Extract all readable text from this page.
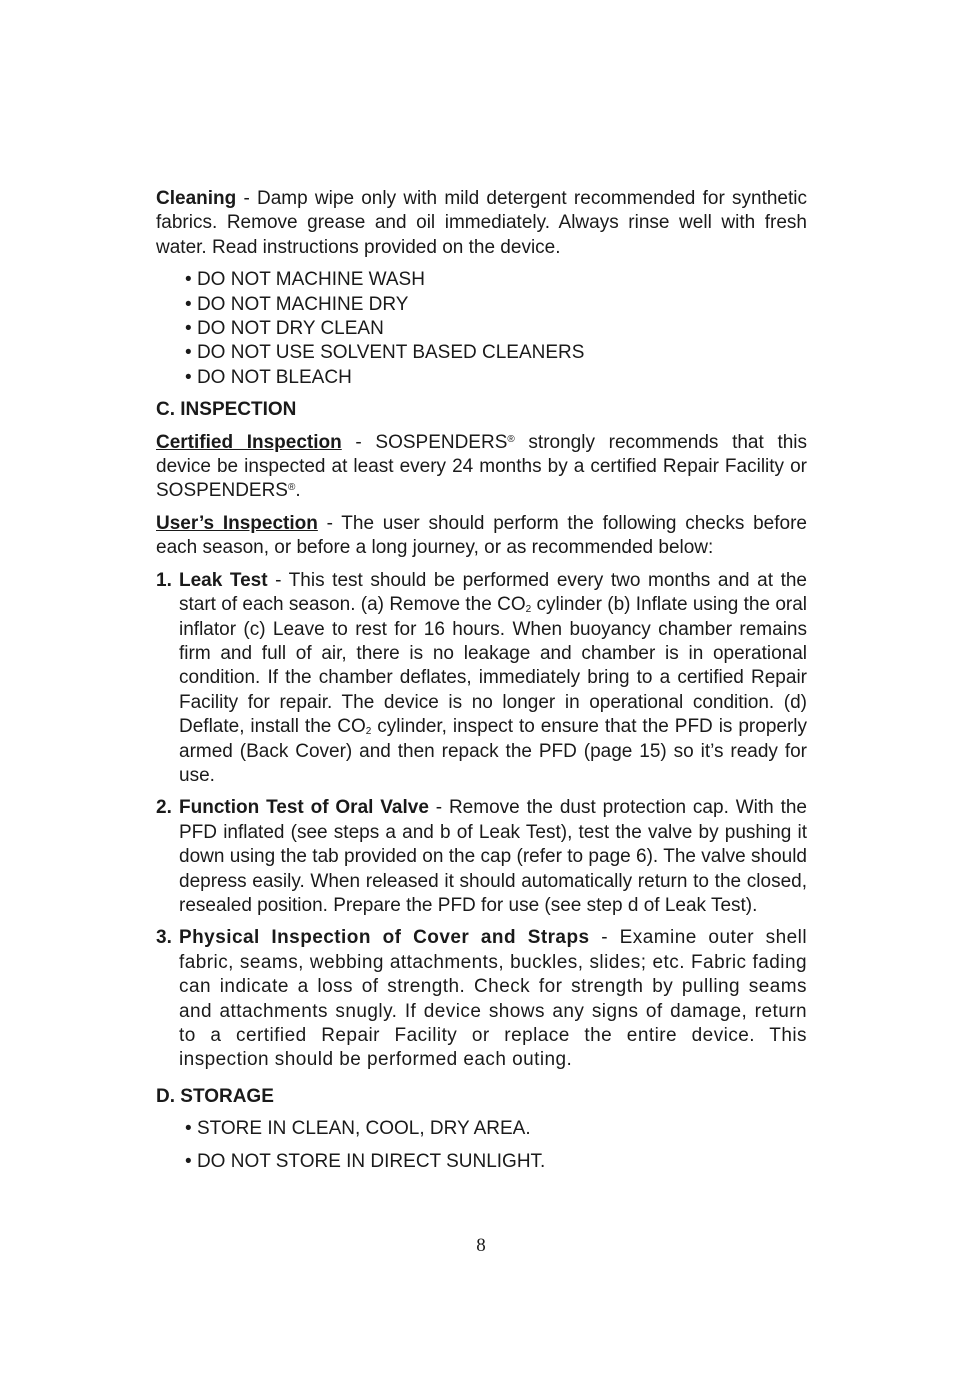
Cleaning - Damp wipe only with mild detergent recommended for synthetic fabrics. Remove grease and oil immediately. Always rinse well with fresh water. Read instructions provided on the device.

• DO NOT MACHINE WASH
• DO NOT MACHINE DRY
• DO NOT DRY CLEAN
• DO NOT USE SOLVENT BASED CLEANERS
• DO NOT BLEACH

C. INSPECTION

Certified Inspection - SOSPENDERS® strongly recommends that this device be inspected at least every 24 months by a certified Repair Facility or SOSPENDERS®.

User’s Inspection - The user should perform the following checks before each season, or before a long journey, or as recommended below:

1. Leak Test - This test should be performed every two months and at the start of each season. (a) Remove the $CO_2$ cylinder (b) Inflate using the oral inflator (c) Leave to rest for 16 hours. When buoyancy chamber remains firm and full of air, there is no leakage and chamber is in operational condition. If the chamber deflates, immediately bring to a certified Repair Facility for repair. The device is no longer in operational condition. (d) Deflate, install the $CO_2$ cylinder, inspect to ensure that the PFD is properly armed (Back Cover) and then repack the PFD (page 15) so it’s ready for use.
2. Function Test of Oral Valve - Remove the dust protection cap. With the PFD inflated (see steps a and b of Leak Test), test the valve by pushing it down using the tab provided on the cap (refer to page 6). The valve should depress easily. When released it should automatically return to the closed, resealed position. Prepare the PFD for use (see step d of Leak Test).
3. Physical Inspection of Cover and Straps - Examine outer shell fabric, seams, webbing attachments, buckles, slides; etc. Fabric fading can indicate a loss of strength. Check for strength by pulling seams and attachments snugly. If device shows any signs of damage, return to a certified Repair Facility or replace the entire device. This inspection should be performed each outing.

D. STORAGE

• STORE IN CLEAN, COOL, DRY AREA.
• DO NOT STORE IN DIRECT SUNLIGHT.
8
